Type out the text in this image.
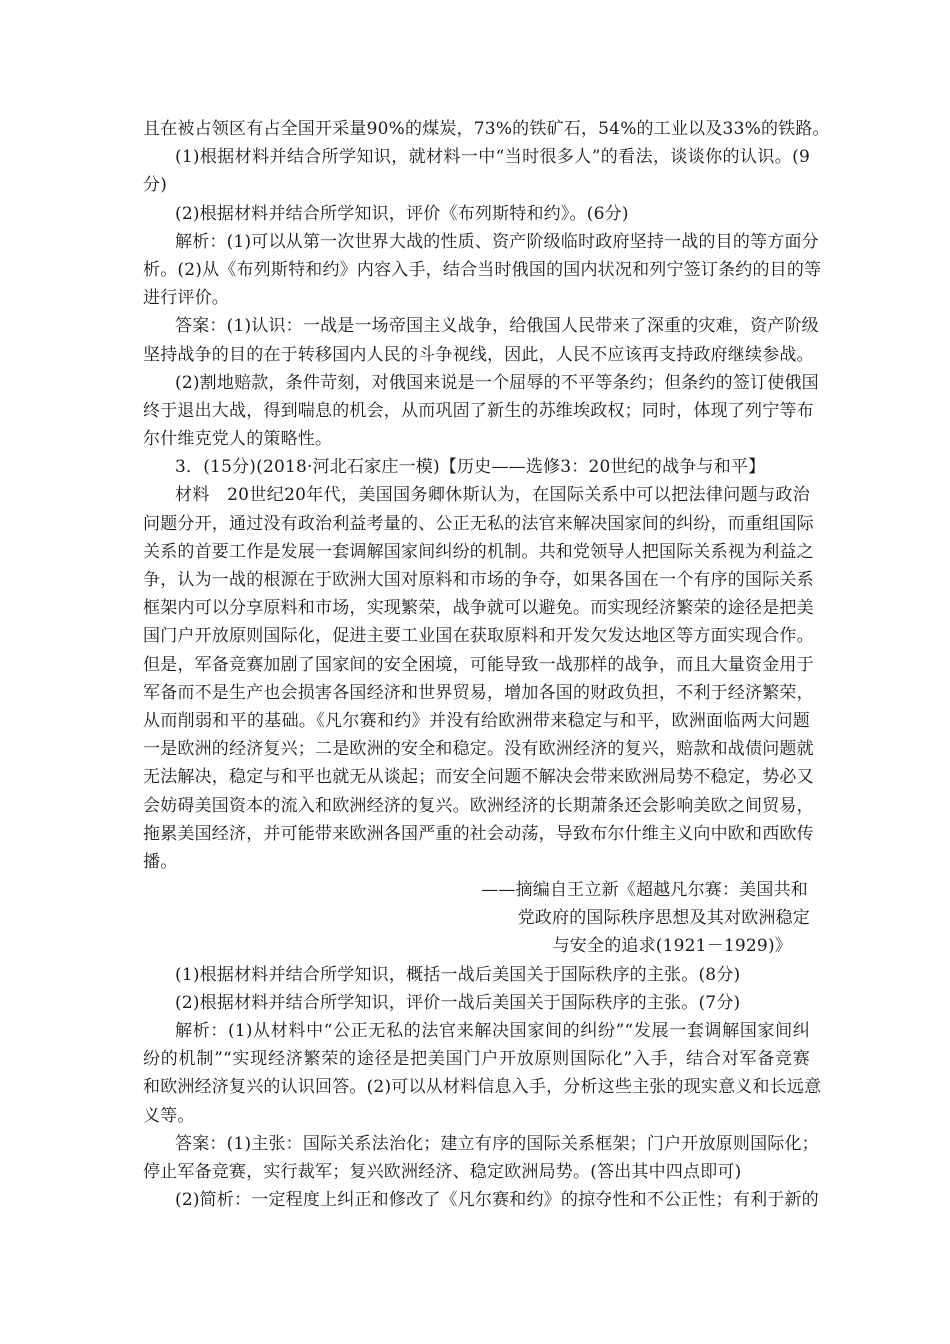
且在被占领区有占全国开采量90%的煤炭，73%的铁矿石，54%的工业以及33%的铁路。
(1)根据材料并结合所学知识，就材料一中“当时很多人”的看法，谈谈你的认识。(9
分)
(2)根据材料并结合所学知识，评价《布列斯特和约》。(6分)
解析：(1)可以从第一次世界大战的性质、资产阶级临时政府坚持一战的目的等方面分
析。(2)从《布列斯特和约》内容入手，结合当时俄国的国内状况和列宁签订条约的目的等
进行评价。
答案：(1)认识：一战是一场帝国主义战争，给俄国人民带来了深重的灾难，资产阶级
坚持战争的目的在于转移国内人民的斗争视线，因此，人民不应该再支持政府继续参战。
(2)割地赔款，条件苛刻，对俄国来说是一个屈辱的不平等条约；但条约的签订使俄国
终于退出大战，得到喘息的机会，从而巩固了新生的苏维埃政权；同时，体现了列宁等布
尔什维克党人的策略性。
3．(15分)(2018·河北石家庄一模)【历史——选修3：20世纪的战争与和平】
材料　20世纪20年代，美国国务卿休斯认为，在国际关系中可以把法律问题与政治
问题分开，通过没有政治利益考量的、公正无私的法官来解决国家间的纠纷，而重组国际
关系的首要工作是发展一套调解国家间纠纷的机制。共和党领导人把国际关系视为利益之
争，认为一战的根源在于欧洲大国对原料和市场的争夺，如果各国在一个有序的国际关系
框架内可以分享原料和市场，实现繁荣，战争就可以避免。而实现经济繁荣的途径是把美
国门户开放原则国际化，促进主要工业国在获取原料和开发欠发达地区等方面实现合作。
但是，军备竞赛加剧了国家间的安全困境，可能导致一战那样的战争，而且大量资金用于
军备而不是生产也会损害各国经济和世界贸易，增加各国的财政负担，不利于经济繁荣，
从而削弱和平的基础。《凡尔赛和约》并没有给欧洲带来稳定与和平，欧洲面临两大问题
一是欧洲的经济复兴；二是欧洲的安全和稳定。没有欧洲经济的复兴，赔款和战债问题就
无法解决，稳定与和平也就无从谈起；而安全问题不解决会带来欧洲局势不稳定，势必又
会妨碍美国资本的流入和欧洲经济的复兴。欧洲经济的长期萧条还会影响美欧之间贸易，
拖累美国经济，并可能带来欧洲各国严重的社会动荡，导致布尔什维主义向中欧和西欧传
播。
——摘编自王立新《超越凡尔赛：美国共和
党政府的国际秩序思想及其对欧洲稳定
与安全的追求(1921－1929)》
(1)根据材料并结合所学知识，概括一战后美国关于国际秩序的主张。(8分)
(2)根据材料并结合所学知识，评价一战后美国关于国际秩序的主张。(7分)
解析：(1)从材料中“公正无私的法官来解决国家间的纠纷”“发展一套调解国家间纠
纷的机制”“实现经济繁荣的途径是把美国门户开放原则国际化”入手，结合对军备竞赛
和欧洲经济复兴的认识回答。(2)可以从材料信息入手，分析这些主张的现实意义和长远意
义等。
答案：(1)主张：国际关系法治化；建立有序的国际关系框架；门户开放原则国际化；
停止军备竞赛，实行裁军；复兴欧洲经济、稳定欧洲局势。(答出其中四点即可)
(2)简析：一定程度上纠正和修改了《凡尔赛和约》的掠夺性和不公正性；有利于新的
